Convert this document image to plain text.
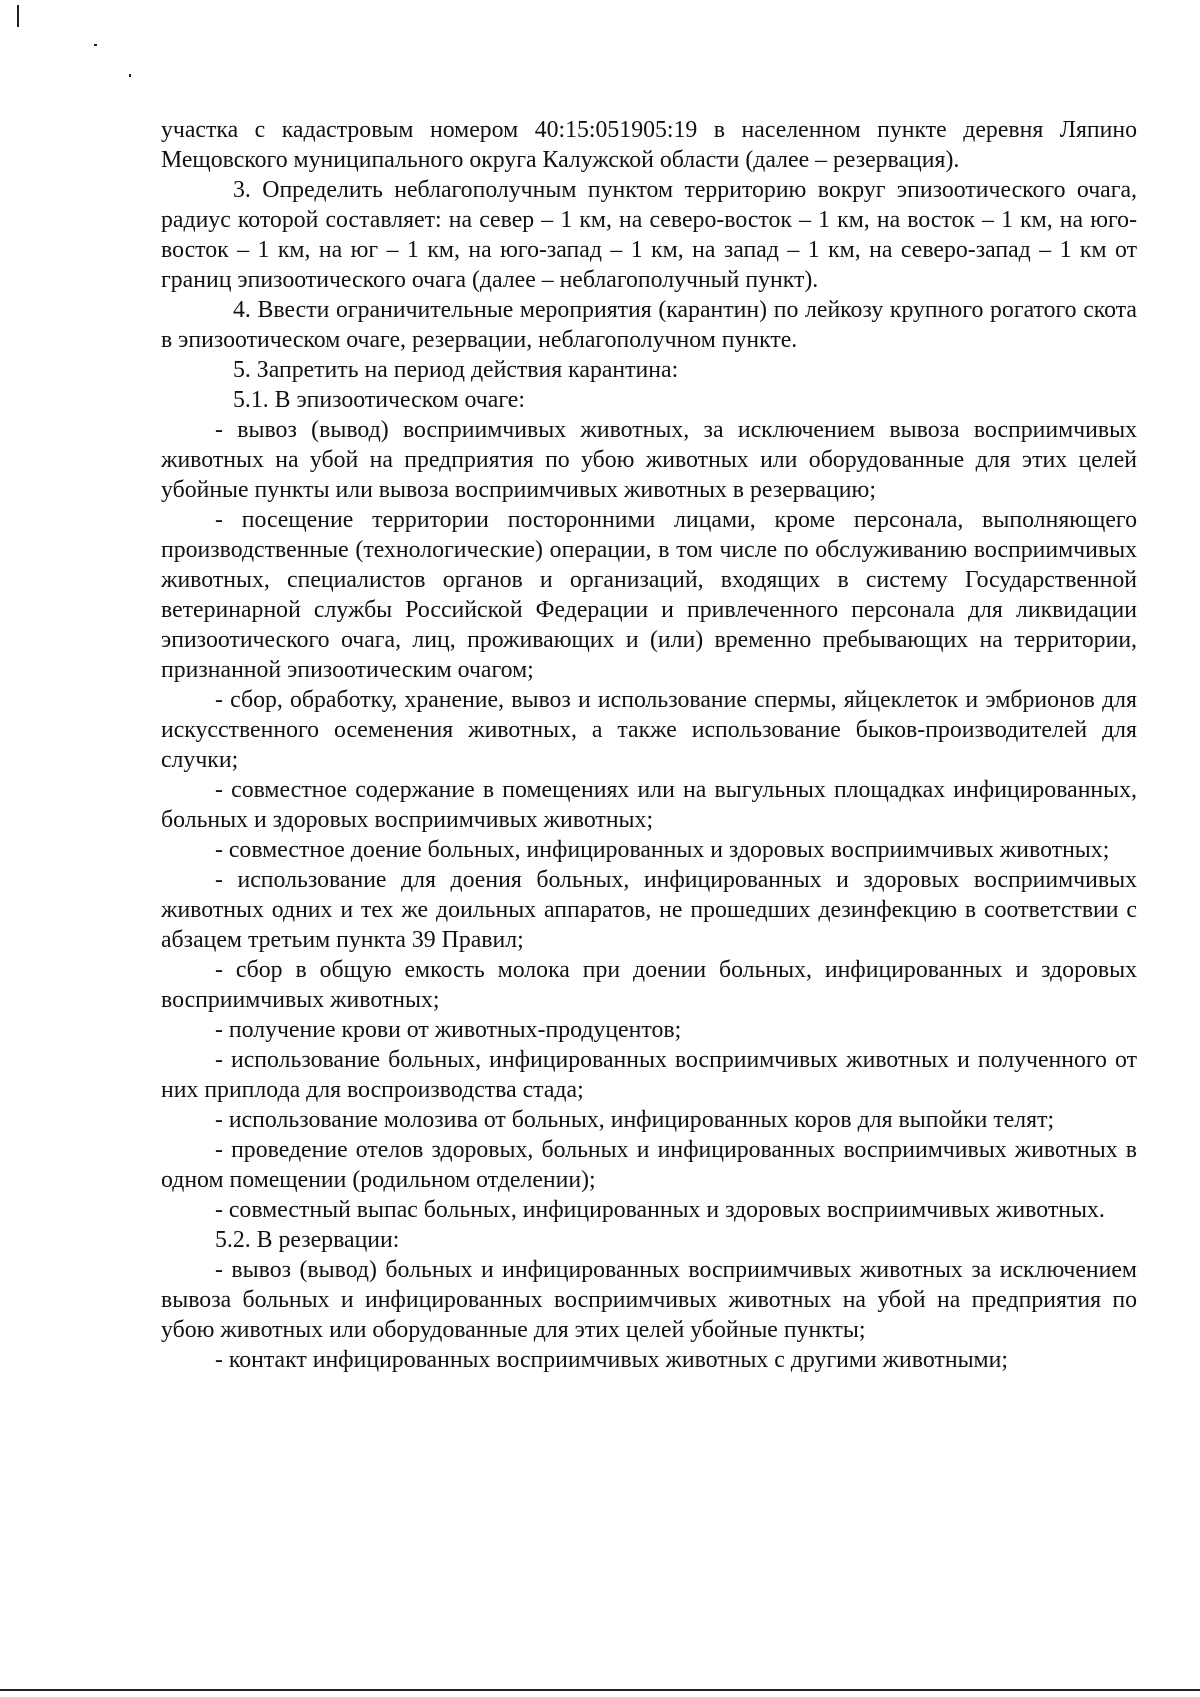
участка с кадастровым номером 40:15:051905:19 в населенном пункте деревня Ляпино Мещовского муниципального округа Калужской области (далее – резервация).

3. Определить неблагополучным пунктом территорию вокруг эпизоотического очага, радиус которой составляет: на север – 1 км, на северо-восток – 1 км, на восток – 1 км, на юго-восток – 1 км, на юг – 1 км, на юго-запад – 1 км, на запад – 1 км, на северо-запад – 1 км от границ эпизоотического очага (далее – неблагополучный пункт).

4. Ввести ограничительные мероприятия (карантин) по лейкозу крупного рогатого скота в эпизоотическом очаге, резервации, неблагополучном пункте.

5. Запретить на период действия карантина:

5.1. В эпизоотическом очаге:

- вывоз (вывод) восприимчивых животных, за исключением вывоза восприимчивых животных на убой на предприятия по убою животных или оборудованные для этих целей убойные пункты или вывоза восприимчивых животных в резервацию;

- посещение территории посторонними лицами, кроме персонала, выполняющего производственные (технологические) операции, в том числе по обслуживанию восприимчивых животных, специалистов органов и организаций, входящих в систему Государственной ветеринарной службы Российской Федерации и привлеченного персонала для ликвидации эпизоотического очага, лиц, проживающих и (или) временно пребывающих на территории, признанной эпизоотическим очагом;

- сбор, обработку, хранение, вывоз и использование спермы, яйцеклеток и эмбрионов для искусственного осеменения животных, а также использование быков-производителей для случки;

- совместное содержание в помещениях или на выгульных площадках инфицированных, больных и здоровых восприимчивых животных;

- совместное доение больных, инфицированных и здоровых восприимчивых животных;

- использование для доения больных, инфицированных и здоровых восприимчивых животных одних и тех же доильных аппаратов, не прошедших дезинфекцию в соответствии с абзацем третьим пункта 39 Правил;

- сбор в общую емкость молока при доении больных, инфицированных и здоровых восприимчивых животных;

- получение крови от животных-продуцентов;

- использование больных, инфицированных восприимчивых животных и полученного от них приплода для воспроизводства стада;

- использование молозива от больных, инфицированных коров для выпойки телят;

- проведение отелов здоровых, больных и инфицированных восприимчивых животных в одном помещении (родильном отделении);

- совместный выпас больных, инфицированных и здоровых восприимчивых животных.

5.2. В резервации:

- вывоз (вывод) больных и инфицированных восприимчивых животных за исключением вывоза больных и инфицированных восприимчивых животных на убой на предприятия по убою животных или оборудованные для этих целей убойные пункты;

- контакт инфицированных восприимчивых животных с другими животными;
